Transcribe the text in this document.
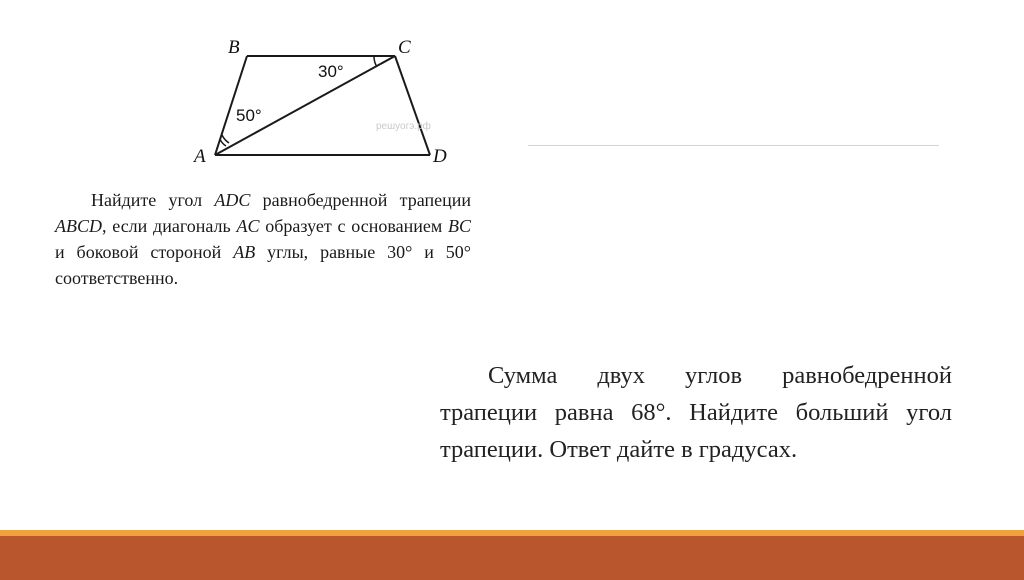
B	C
A	D
30°
50°
решуогэ.рф

Найдите угол ADC равнобедренной трапеции ABCD, если диагональ AC образует с основанием BC и боковой стороной AB углы, равные 30° и 50° соответственно.

Сумма двух углов равнобедренной трапеции равна 68°. Найдите больший угол трапеции. Ответ дайте в градусах.
